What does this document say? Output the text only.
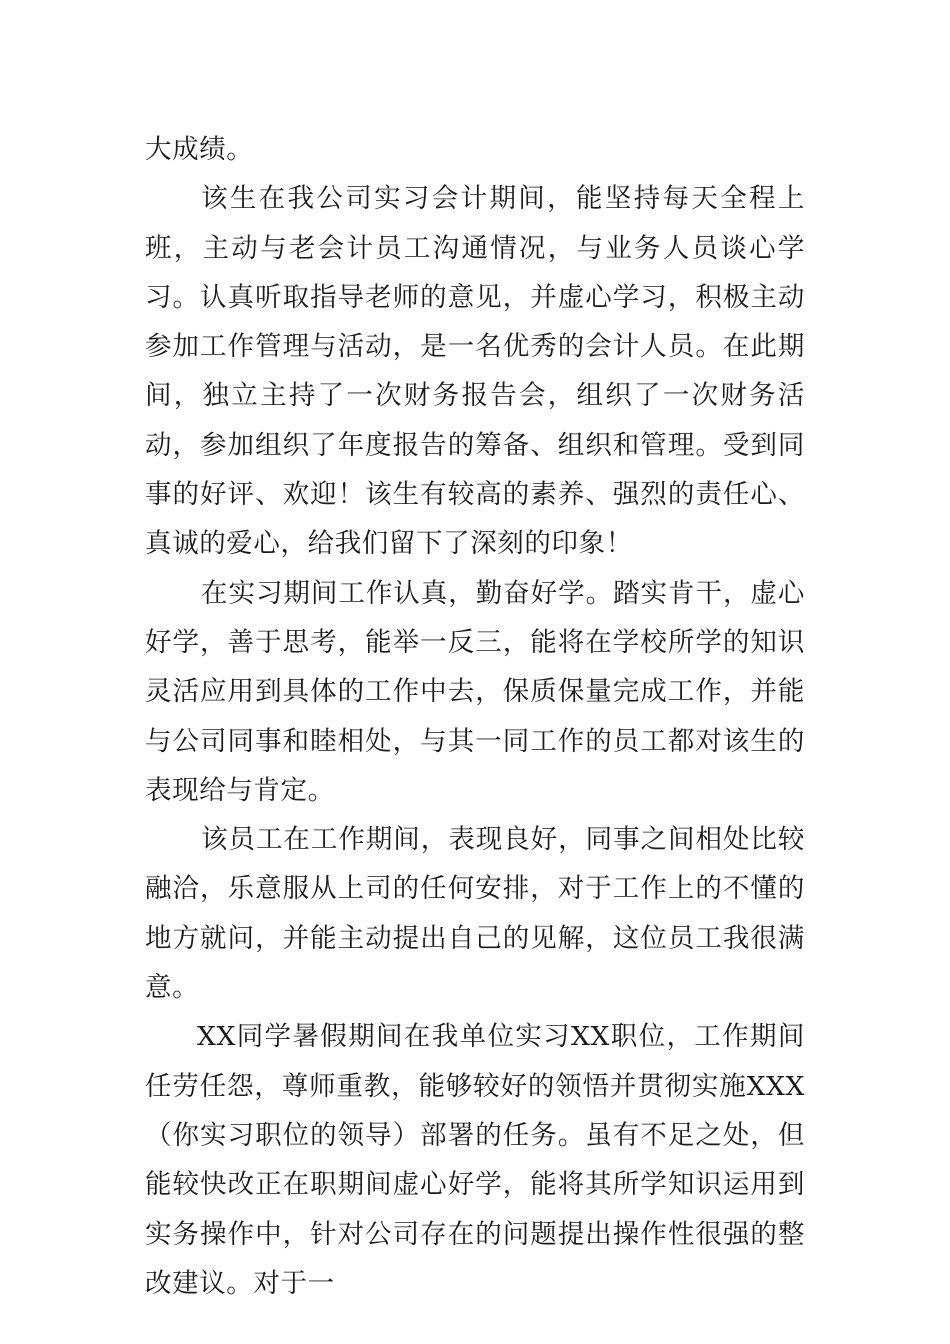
大成绩。

该生在我公司实习会计期间，能坚持每天全程上班，主动与老会计员工沟通情况，与业务人员谈心学习。认真听取指导老师的意见，并虚心学习，积极主动参加工作管理与活动，是一名优秀的会计人员。在此期间，独立主持了一次财务报告会，组织了一次财务活动，参加组织了年度报告的筹备、组织和管理。受到同事的好评、欢迎！该生有较高的素养、强烈的责任心、真诚的爱心，给我们留下了深刻的印象！

在实习期间工作认真，勤奋好学。踏实肯干，虚心好学，善于思考，能举一反三，能将在学校所学的知识灵活应用到具体的工作中去，保质保量完成工作，并能与公司同事和睦相处，与其一同工作的员工都对该生的表现给与肯定。

该员工在工作期间，表现良好，同事之间相处比较融洽，乐意服从上司的任何安排，对于工作上的不懂的地方就问，并能主动提出自己的见解，这位员工我很满意。

XX同学暑假期间在我单位实习XX职位，工作期间任劳任怨，尊师重教，能够较好的领悟并贯彻实施XXX（你实习职位的领导）部署的任务。虽有不足之处，但能较快改正在职期间虚心好学，能将其所学知识运用到实务操作中，针对公司存在的问题提出操作性很强的整改建议。对于一
